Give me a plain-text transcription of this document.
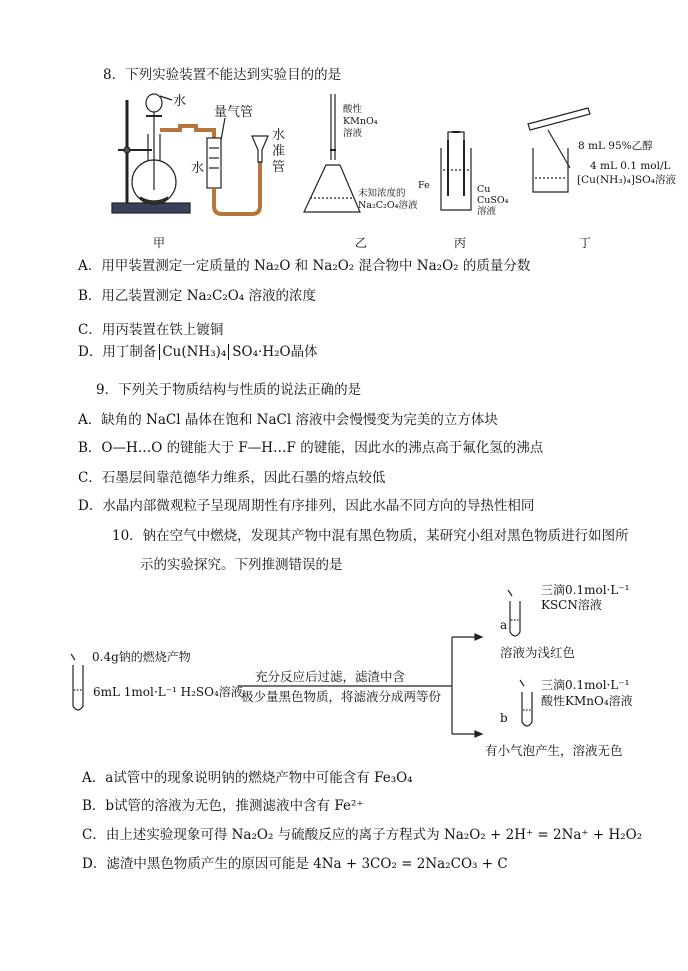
8．下列实验装置不能达到实验目的的是
水
量气管
水
水准管
甲
酸性
KMnO₄
溶液
未知浓度的
Na₂C₂O₄溶液
乙
Fe	Cu
CuSO₄
溶液
丙
8 mL 95%乙醇
4 mL 0.1 mol/L
[Cu(NH₃)₄]SO₄溶液
丁
A．用甲装置测定一定质量的 Na₂O 和 Na₂O₂ 混合物中 Na₂O₂ 的质量分数
B．用乙装置测定 Na₂C₂O₄ 溶液的浓度
C．用丙装置在铁上镀铜
D．用丁制备 Cu(NH₃)₄ SO₄·H₂O晶体
9．下列关于物质结构与性质的说法正确的是
A．缺角的 NaCl 晶体在饱和 NaCl 溶液中会慢慢变为完美的立方体块
B．O—H…O 的键能大于 F—H…F 的键能，因此水的沸点高于氟化氢的沸点
C．石墨层间靠范德华力维系，因此石墨的熔点较低
D．水晶内部微观粒子呈现周期性有序排列，因此水晶不同方向的导热性相同
10．钠在空气中燃烧，发现其产物中混有黑色物质，某研究小组对黑色物质进行如图所
示的实验探究。下列推测错误的是
0.4g钠的燃烧产物
6mL 1mol·L⁻¹ H₂SO₄溶液
充分反应后过滤，滤渣中含
极少量黑色物质，将滤液分成两等份
a
b
三滴0.1mol·L⁻¹
KSCN溶液
溶液为浅红色
三滴0.1mol·L⁻¹
酸性KMnO₄溶液
有小气泡产生，溶液无色
A．a试管中的现象说明钠的燃烧产物中可能含有 Fe₃O₄
B．b试管的溶液为无色，推测滤液中含有 Fe²⁺
C．由上述实验现象可得 Na₂O₂ 与硫酸反应的离子方程式为 Na₂O₂ + 2H⁺ = 2Na⁺ + H₂O₂
D．滤渣中黑色物质产生的原因可能是 4Na + 3CO₂ = 2Na₂CO₃ + C
